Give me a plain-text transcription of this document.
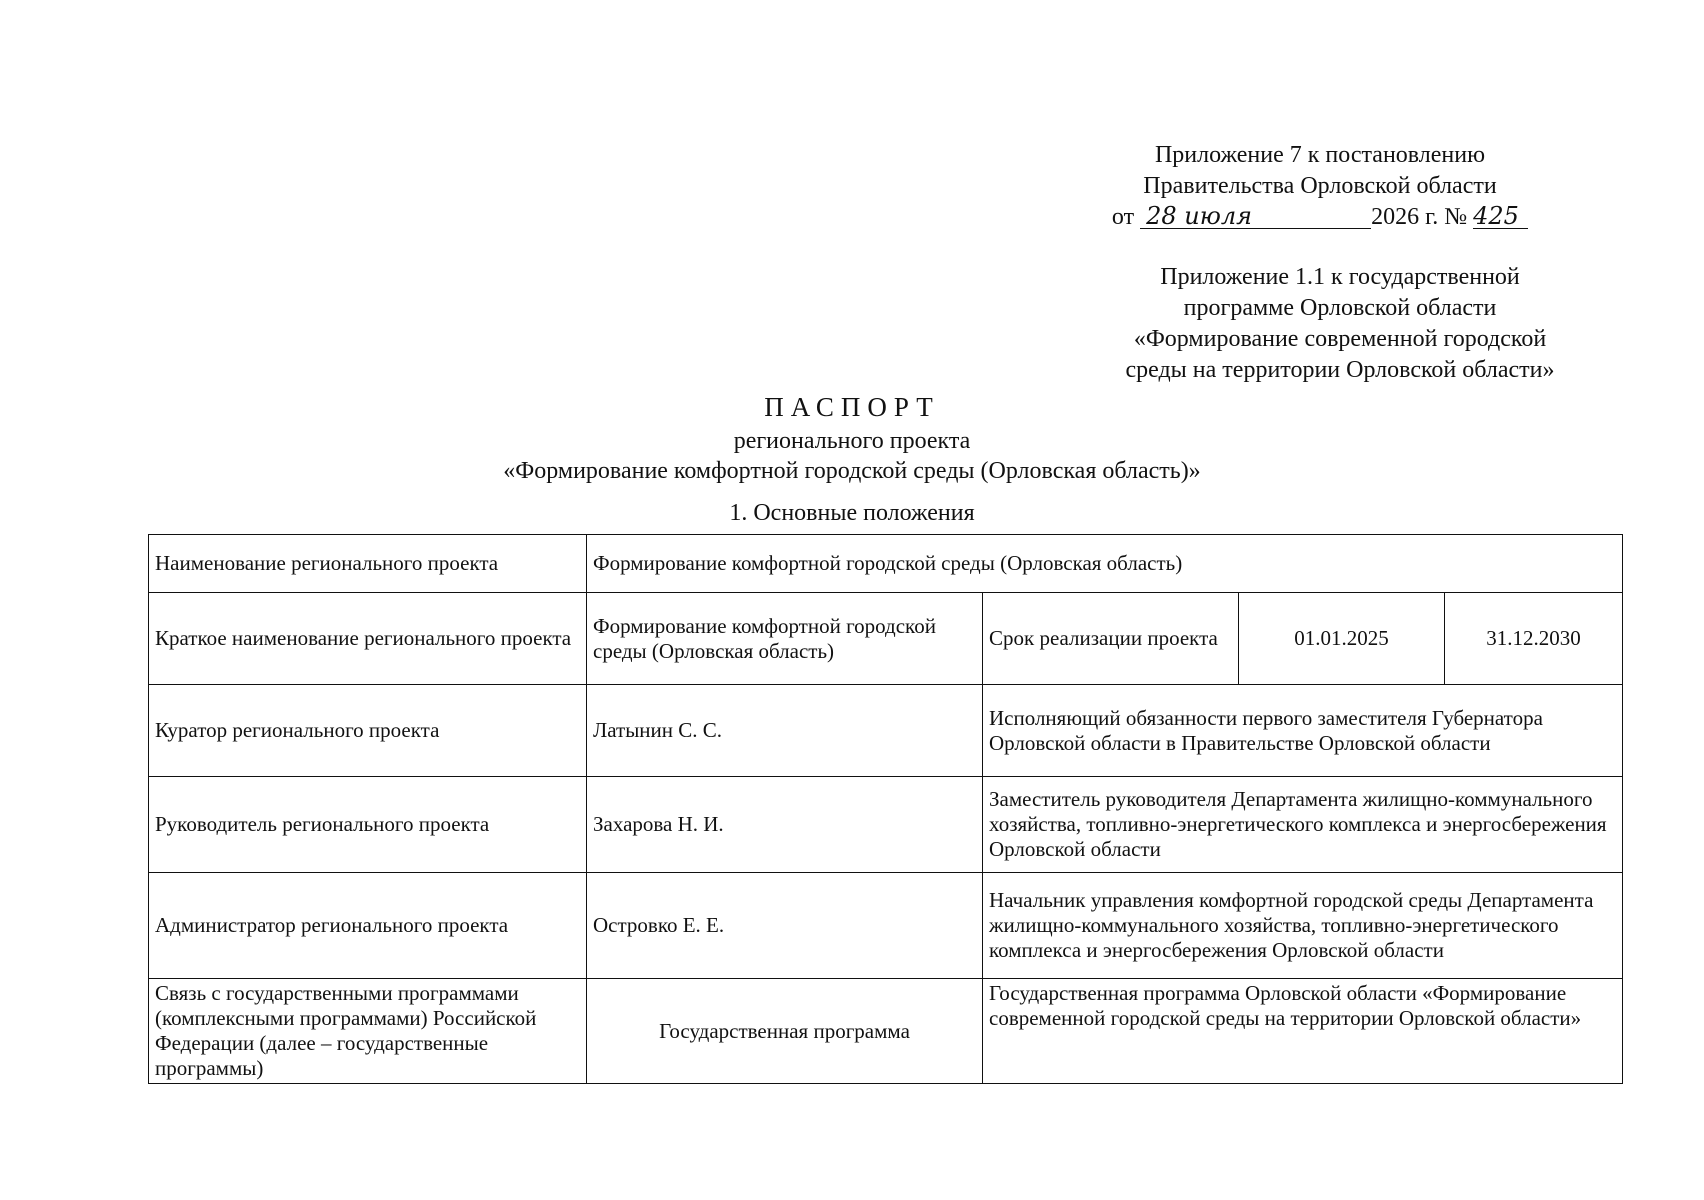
Приложение 7 к постановлению
Правительства Орловской области
от 28 июля	2026 г. № 425
Приложение 1.1 к государственной
программе Орловской области
«Формирование современной городской
среды на территории Орловской области»
ПАСПОРТ
регионального проекта
«Формирование комфортной городской среды (Орловская область)»
1. Основные положения
Наименование регионального проекта	Формирование комфортной городской среды (Орловская область)			
Краткое наименование регионального проекта	Формирование комфортной городской среды (Орловская область)	Срок реализации проекта	01.01.2025	31.12.2030
Куратор регионального проекта	Латынин С. С.	Исполняющий обязанности первого заместителя Губернатора Орловской области в Правительстве Орловской области		
Руководитель регионального проекта	Захарова Н. И.	Заместитель руководителя Департамента жилищно-коммунального хозяйства, топливно-энергетического комплекса и энергосбережения Орловской области		
Администратор регионального проекта	Островко Е. Е.	Начальник управления комфортной городской среды Департамента жилищно-коммунального хозяйства, топливно-энергетического комплекса и энергосбережения Орловской области		
Связь с государственными программами (комплексными программами) Российской Федерации (далее – государственные программы)	Государственная программа	Государственная программа Орловской области «Формирование современной городской среды на территории Орловской области»		
